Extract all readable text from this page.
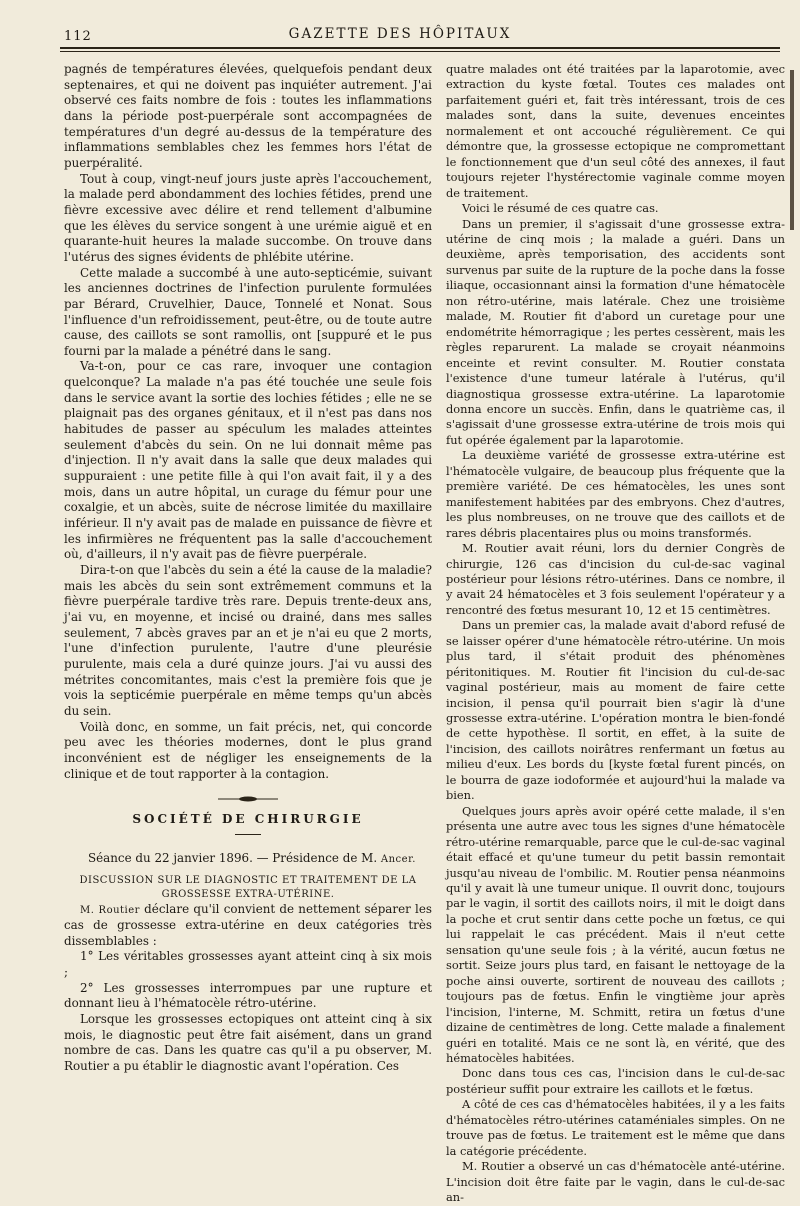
112	GAZETTE DES HÔPITAUX

pagnés de températures élevées, quelquefois pendant deux septenaires, et qui ne doivent pas inquiéter autrement. J'ai observé ces faits nombre de fois : toutes les inflammations dans la période post-puerpérale sont accompagnées de températures d'un degré au-dessus de la température des inflammations semblables chez les femmes hors l'état de puerpéralité.

Tout à coup, vingt-neuf jours juste après l'accouchement, la malade perd abondamment des lochies fétides, prend une fièvre excessive avec délire et rend tellement d'albumine que les élèves du service songent à une urémie aiguë et en quarante-huit heures la malade succombe. On trouve dans l'utérus des signes évidents de phlébite utérine.

Cette malade a succombé à une auto-septicémie, suivant les anciennes doctrines de l'infection purulente formulées par Bérard, Cruvelhier, Dauce, Tonnelé et Nonat. Sous l'influence d'un refroidissement, peut-être, ou de toute autre cause, des caillots se sont ramollis, ont [suppuré et le pus fourni par la malade a pénétré dans le sang.

Va-t-on, pour ce cas rare, invoquer une contagion quelconque? La malade n'a pas été touchée une seule fois dans le service avant la sortie des lochies fétides ; elle ne se plaignait pas des organes génitaux, et il n'est pas dans nos habitudes de passer au spéculum les malades atteintes seulement d'abcès du sein. On ne lui donnait même pas d'injection. Il n'y avait dans la salle que deux malades qui suppuraient : une petite fille à qui l'on avait fait, il y a des mois, dans un autre hôpital, un curage du fémur pour une coxalgie, et un abcès, suite de nécrose limitée du maxillaire inférieur. Il n'y avait pas de malade en puissance de fièvre et les infirmières ne fréquentent pas la salle d'accouchement où, d'ailleurs, il n'y avait pas de fièvre puerpérale.

Dira-t-on que l'abcès du sein a été la cause de la maladie? mais les abcès du sein sont extrêmement communs et la fièvre puerpérale tardive très rare. Depuis trente-deux ans, j'ai vu, en moyenne, et incisé ou drainé, dans mes salles seulement, 7 abcès graves par an et je n'ai eu que 2 morts, l'une d'infection purulente, l'autre d'une pleurésie purulente, mais cela a duré quinze jours. J'ai vu aussi des métrites concomitantes, mais c'est la première fois que je vois la septicémie puerpérale en même temps qu'un abcès du sein.

Voilà donc, en somme, un fait précis, net, qui concorde peu avec les théories modernes, dont le plus grand inconvénient est de négliger les enseignements de la clinique et de tout rapporter à la contagion.

SOCIÉTÉ DE CHIRURGIE

Séance du 22 janvier 1896. — Présidence de M. Ancer.

DISCUSSION SUR LE DIAGNOSTIC ET TRAITEMENT DE LA GROSSESSE EXTRA-UTÉRINE.

M. Routier déclare qu'il convient de nettement séparer les cas de grossesse extra-utérine en deux catégories très dissemblables :

1° Les véritables grossesses ayant atteint cinq à six mois ;

2° Les grossesses interrompues par une rupture et donnant lieu à l'hématocèle rétro-utérine.

Lorsque les grossesses ectopiques ont atteint cinq à six mois, le diagnostic peut être fait aisément, dans un grand nombre de cas. Dans les quatre cas qu'il a pu observer, M. Routier a pu établir le diagnostic avant l'opération. Ces

quatre malades ont été traitées par la laparotomie, avec extraction du kyste fœtal. Toutes ces malades ont parfaitement guéri et, fait très intéressant, trois de ces malades sont, dans la suite, devenues enceintes normalement et ont accouché régulièrement. Ce qui démontre que, la grossesse ectopique ne compromettant le fonctionnement que d'un seul côté des annexes, il faut toujours rejeter l'hystérectomie vaginale comme moyen de traitement.

Voici le résumé de ces quatre cas.

Dans un premier, il s'agissait d'une grossesse extra-utérine de cinq mois ; la malade a guéri. Dans un deuxième, après temporisation, des accidents sont survenus par suite de la rupture de la poche dans la fosse iliaque, occasionnant ainsi la formation d'une hématocèle non rétro-utérine, mais latérale. Chez une troisième malade, M. Routier fit d'abord un curetage pour une endométrite hémorragique ; les pertes cessèrent, mais les règles reparurent. La malade se croyait néanmoins enceinte et revint consulter. M. Routier constata l'existence d'une tumeur latérale à l'utérus, qu'il diagnostiqua grossesse extra-utérine. La laparotomie donna encore un succès. Enfin, dans le quatrième cas, il s'agissait d'une grossesse extra-utérine de trois mois qui fut opérée également par la laparotomie.

La deuxième variété de grossesse extra-utérine est l'hématocèle vulgaire, de beaucoup plus fréquente que la première variété. De ces hématocèles, les unes sont manifestement habitées par des embryons. Chez d'autres, les plus nombreuses, on ne trouve que des caillots et de rares débris placentaires plus ou moins transformés.

M. Routier avait réuni, lors du dernier Congrès de chirurgie, 126 cas d'incision du cul-de-sac vaginal postérieur pour lésions rétro-utérines. Dans ce nombre, il y avait 24 hématocèles et 3 fois seulement l'opérateur y a rencontré des fœtus mesurant 10, 12 et 15 centimètres.

Dans un premier cas, la malade avait d'abord refusé de se laisser opérer d'une hématocèle rétro-utérine. Un mois plus tard, il s'était produit des phénomènes péritonitiques. M. Routier fit l'incision du cul-de-sac vaginal postérieur, mais au moment de faire cette incision, il pensa qu'il pourrait bien s'agir là d'une grossesse extra-utérine. L'opération montra le bien-fondé de cette hypothèse. Il sortit, en effet, à la suite de l'incision, des caillots noirâtres renfermant un fœtus au milieu d'eux. Les bords du [kyste fœtal furent pincés, on le bourra de gaze iodoformée et aujourd'hui la malade va bien.

Quelques jours après avoir opéré cette malade, il s'en présenta une autre avec tous les signes d'une hématocèle rétro-utérine remarquable, parce que le cul-de-sac vaginal était effacé et qu'une tumeur du petit bassin remontait jusqu'au niveau de l'ombilic. M. Routier pensa néanmoins qu'il y avait là une tumeur unique. Il ouvrit donc, toujours par le vagin, il sortit des caillots noirs, il mit le doigt dans la poche et crut sentir dans cette poche un fœtus, ce qui lui rappelait le cas précédent. Mais il n'eut cette sensation qu'une seule fois ; à la vérité, aucun fœtus ne sortit. Seize jours plus tard, en faisant le nettoyage de la poche ainsi ouverte, sortirent de nouveau des caillots ; toujours pas de fœtus. Enfin le vingtième jour après l'incision, l'interne, M. Schmitt, retira un fœtus d'une dizaine de centimètres de long. Cette malade a finalement guéri en totalité. Mais ce ne sont là, en vérité, que des hématocèles habitées.

Donc dans tous ces cas, l'incision dans le cul-de-sac postérieur suffit pour extraire les caillots et le fœtus.

A côté de ces cas d'hématocèles habitées, il y a les faits d'hématocèles rétro-utérines cataméniales simples. On ne trouve pas de fœtus. Le traitement est le même que dans la catégorie précédente.

M. Routier a observé un cas d'hématocèle anté-utérine. L'incision doit être faite par le vagin, dans le cul-de-sac an-
